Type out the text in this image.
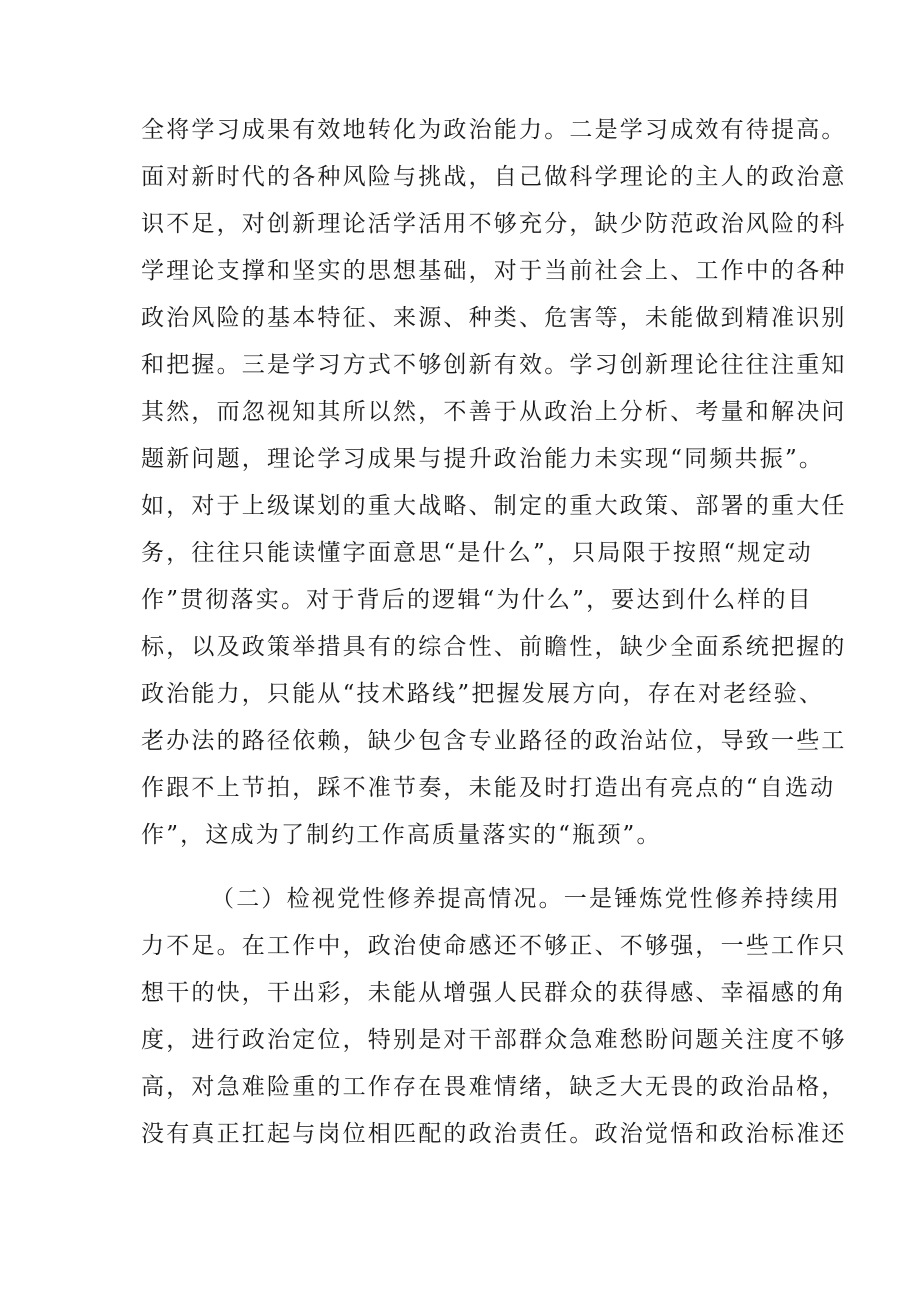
全将学习成果有效地转化为政治能力。二是学习成效有待提高。
面对新时代的各种风险与挑战，自己做科学理论的主人的政治意
识不足，对创新理论活学活用不够充分，缺少防范政治风险的科
学理论支撑和坚实的思想基础，对于当前社会上、工作中的各种
政治风险的基本特征、来源、种类、危害等，未能做到精准识别
和把握。三是学习方式不够创新有效。学习创新理论往往注重知
其然，而忽视知其所以然，不善于从政治上分析、考量和解决问
题新问题，理论学习成果与提升政治能力未实现“同频共振”。
如，对于上级谋划的重大战略、制定的重大政策、部署的重大任
务，往往只能读懂字面意思“是什么”，只局限于按照“规定动
作”贯彻落实。对于背后的逻辑“为什么”，要达到什么样的目
标，以及政策举措具有的综合性、前瞻性，缺少全面系统把握的
政治能力，只能从“技术路线”把握发展方向，存在对老经验、
老办法的路径依赖，缺少包含专业路径的政治站位，导致一些工
作跟不上节拍，踩不准节奏，未能及时打造出有亮点的“自选动
作”，这成为了制约工作高质量落实的“瓶颈”。
（二）检视党性修养提高情况。一是锤炼党性修养持续用
力不足。在工作中，政治使命感还不够正、不够强，一些工作只
想干的快，干出彩，未能从增强人民群众的获得感、幸福感的角
度，进行政治定位，特别是对干部群众急难愁盼问题关注度不够
高，对急难险重的工作存在畏难情绪，缺乏大无畏的政治品格，
没有真正扛起与岗位相匹配的政治责任。政治觉悟和政治标准还
